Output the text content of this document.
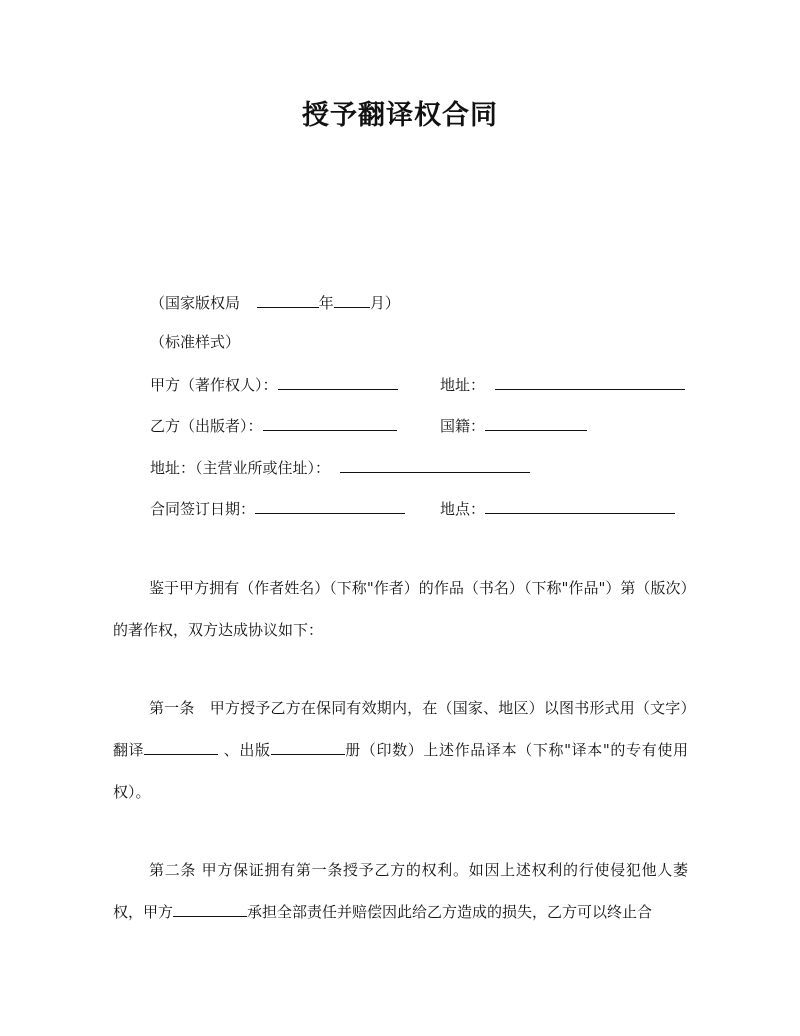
授予翻译权合同
（国家版权局	年 月）
（标准样式）
甲方（著作权人）：	地址：
乙方（出版者）：	国籍：
地址：（主营业所或住址）：
合同签订日期：	地点：
鉴于甲方拥有（作者姓名）（下称"作者）的作品（书名）（下称"作品"）第（版次）的著作权，双方达成协议如下：
第一条　甲方授予乙方在保同有效期内，在（国家、地区）以图书形式用（文字）翻译	、出版	册（印数）上述作品译本（下称"译本"的专有使用权）。
第二条 甲方保证拥有第一条授予乙方的权利。如因上述权利的行使侵犯他人萎权，甲方	承担全部责任并赔偿因此给乙方造成的损失，乙方可以终止合
